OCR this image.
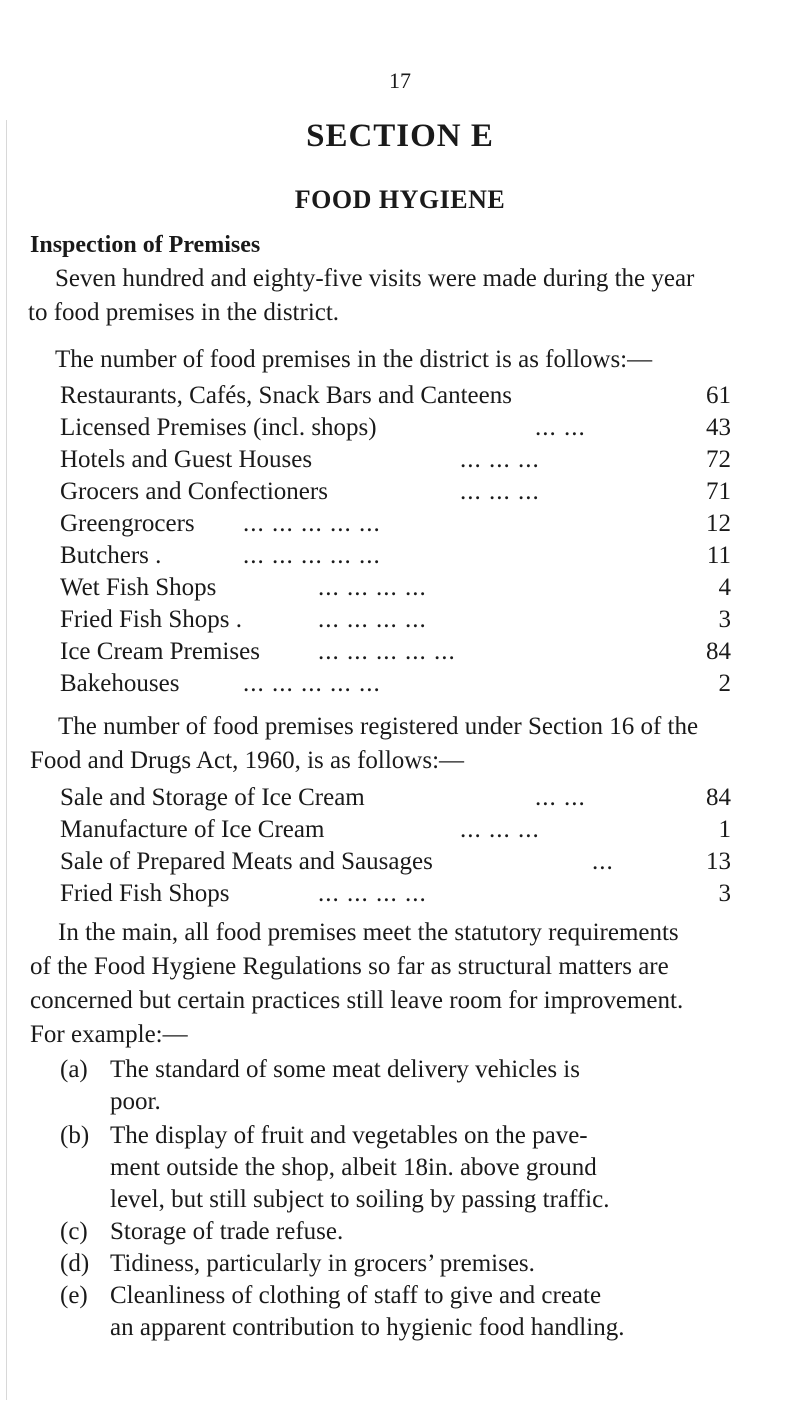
17
SECTION E
FOOD HYGIENE
Inspection of Premises
Seven hundred and eighty-five visits were made during the year
to food premises in the district.
The number of food premises in the district is as follows:—
Restaurants, Cafés, Snack Bars and Canteens	61
Licensed Premises (incl. shops)	... ...	43
Hotels and Guest Houses	... ... ...	72
Grocers and Confectioners	... ... ...	71
Greengrocers ... ... ... ... ...	12
Butchers .	... ... ... ... ...	11
Wet Fish Shops	... ... ... ...	4
Fried Fish Shops .	... ... ... ...	3
Ice Cream Premises ... ... ... ... ...	84
Bakehouses	... ... ... ... ...	2
The number of food premises registered under Section 16 of the
Food and Drugs Act, 1960, is as follows:—
Sale and Storage of Ice Cream	... ...	84
Manufacture of Ice Cream	... ... ...	1
Sale of Prepared Meats and Sausages	...	13
Fried Fish Shops	... ... ... ...	3
In the main, all food premises meet the statutory requirements
of the Food Hygiene Regulations so far as structural matters are
concerned but certain practices still leave room for improvement.
For example:—
(a) The standard of some meat delivery vehicles is
poor.
(b) The display of fruit and vegetables on the pave-
ment outside the shop, albeit 18in. above ground
level, but still subject to soiling by passing traffic.
(c) Storage of trade refuse.
(d) Tidiness, particularly in grocers’ premises.
(e) Cleanliness of clothing of staff to give and create
an apparent contribution to hygienic food handling.
